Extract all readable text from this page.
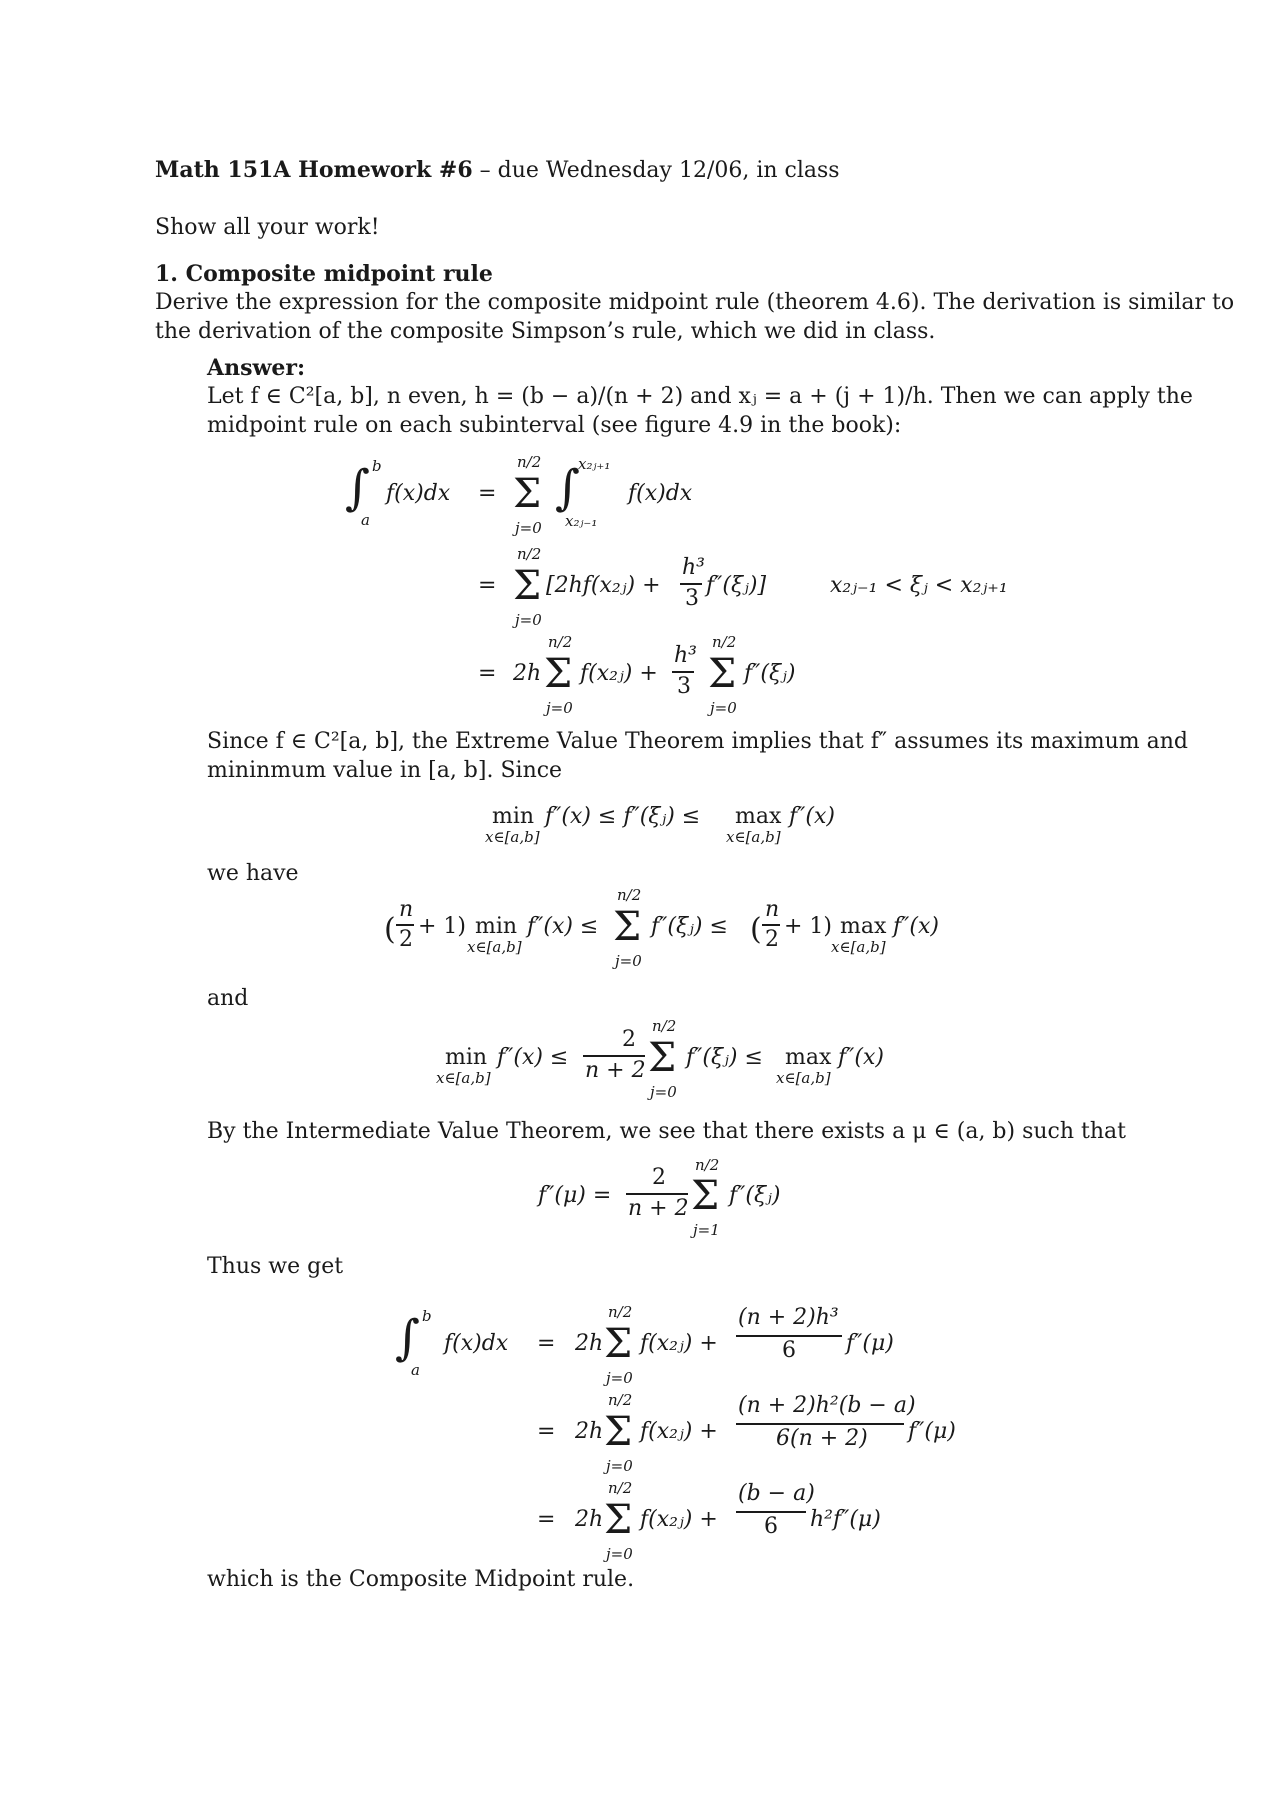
Math 151A Homework #6 – due Wednesday 12/06, in class
Show all your work!
1. Composite midpoint rule
Derive the expression for the composite midpoint rule (theorem 4.6). The derivation is similar to
the derivation of the composite Simpson’s rule, which we did in class.
Answer:
Let f ∈ C²[a, b], n even, h = (b − a)/(n + 2) and xⱼ = a + (j + 1)/h. Then we can apply the
midpoint rule on each subinterval (see figure 4.9 in the book):
∫ b
a
f(x)dx =
n/2
Σ
j=0
∫
x₂ⱼ₊₁
x₂ⱼ₋₁
f(x)dx
=
n/2
Σ
j=0
[2hf(x₂ⱼ) +
h³
3
f″(ξⱼ)]	x₂ⱼ₋₁ < ξⱼ < x₂ⱼ₊₁
= 2h
n/2
Σ
j=0
f(x₂ⱼ) +
h³
3
n/2
Σ
j=0
f″(ξⱼ)
Since f ∈ C²[a, b], the Extreme Value Theorem implies that f″ assumes its maximum and
mininmum value in [a, b]. Since
min
x∈[a,b]
f″(x) ≤ f″(ξⱼ) ≤ max
x∈[a,b]
f″(x)
we have
(
n
2
+ 1) min
x∈[a,b]
f″(x) ≤
n/2
Σ
j=0
f″(ξⱼ) ≤ (
n
2
+ 1) max
x∈[a,b]
f″(x)
and
min
x∈[a,b]
f″(x) ≤
2
n + 2
n/2
Σ
j=0
f″(ξⱼ) ≤ max
x∈[a,b]
f″(x)
By the Intermediate Value Theorem, we see that there exists a μ ∈ (a, b) such that
f″(μ) =
2
n + 2
n/2
Σ
j=1
f″(ξⱼ)
Thus we get
∫ b
a
f(x)dx = 2h
n/2
Σ
j=0
f(x₂ⱼ) +
(n + 2)h³
6 f″(μ)
= 2h
n/2
Σ
j=0
f(x₂ⱼ) +
(n + 2)h²(b − a)
6(n + 2) f″(μ)
= 2h
n/2
Σ
j=0
f(x₂ⱼ) +
(b − a)
6 h²f″(μ)
which is the Composite Midpoint rule.
